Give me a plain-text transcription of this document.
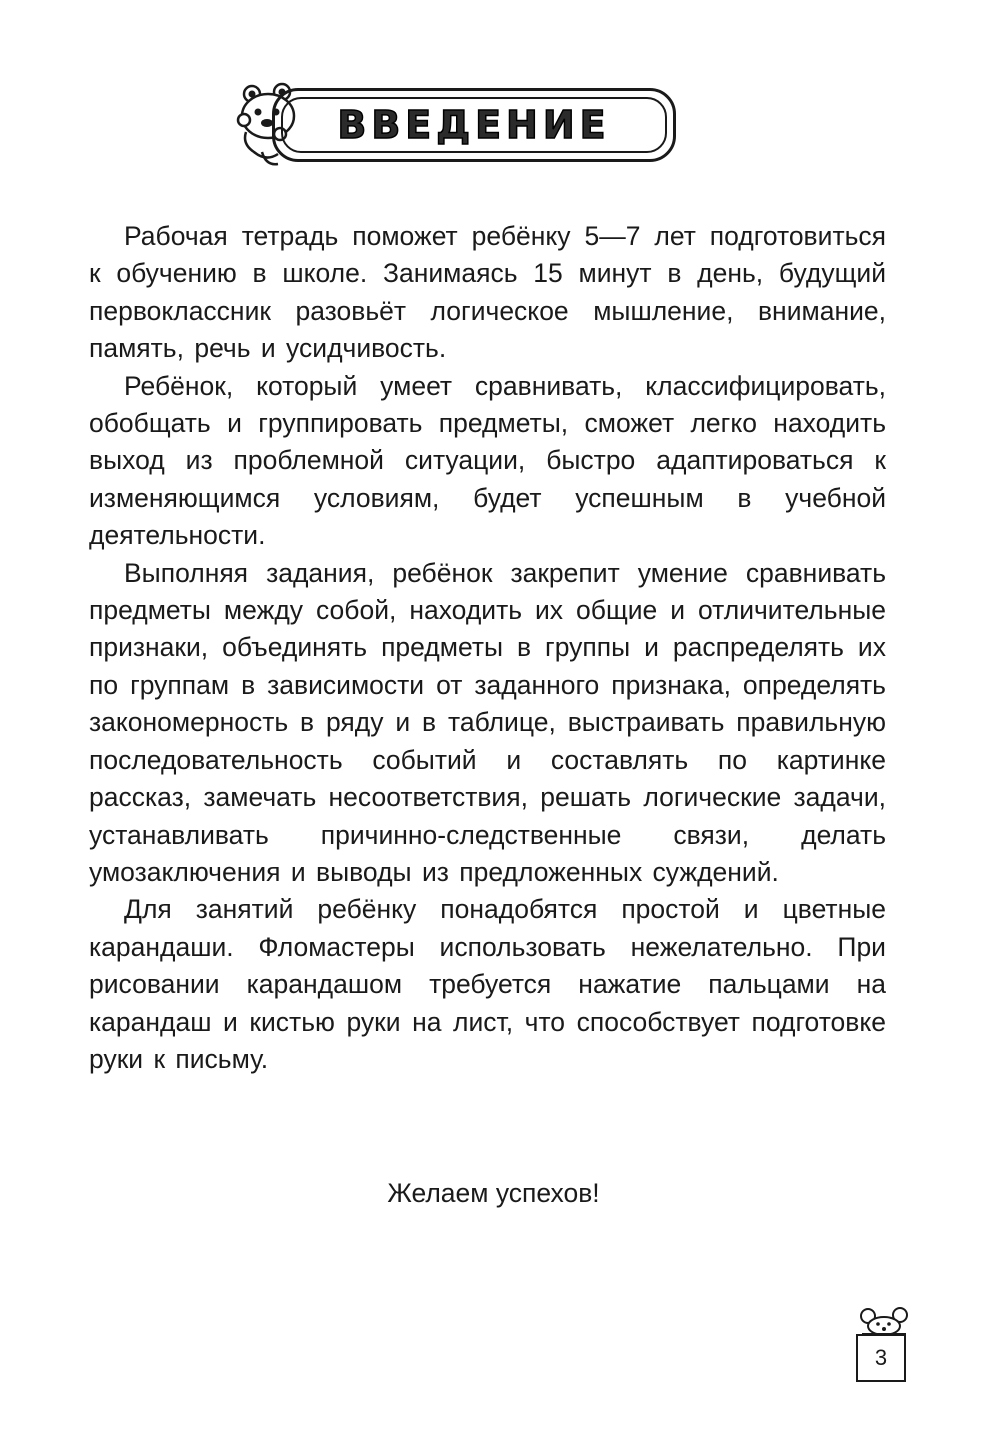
ВВЕДЕНИЕ

Рабочая тетрадь поможет ребёнку 5—7 лет подготовиться к обучению в школе. Занимаясь 15 минут в день, будущий первоклассник разовьёт логическое мышление, внимание, память, речь и усидчивость.

Ребёнок, который умеет сравнивать, классифицировать, обобщать и группировать предметы, сможет легко находить выход из проблемной ситуации, быстро адаптироваться к изменяющимся условиям, будет успешным в учебной деятельности.

Выполняя задания, ребёнок закрепит умение сравнивать предметы между собой, находить их общие и отличительные признаки, объединять предметы в группы и распределять их по группам в зависимости от заданного признака, определять закономерность в ряду и в таблице, выстраивать правильную последовательность событий и составлять по картинке рассказ, замечать несоответствия, решать логические задачи, устанавливать причинно-следственные связи, делать умозаключения и выводы из предложенных суждений.

Для занятий ребёнку понадобятся простой и цветные карандаши. Фломастеры использовать нежелательно. При рисовании карандашом требуется нажатие пальцами на карандаш и кистью руки на лист, что способствует подготовке руки к письму.

Желаем успехов!
3
